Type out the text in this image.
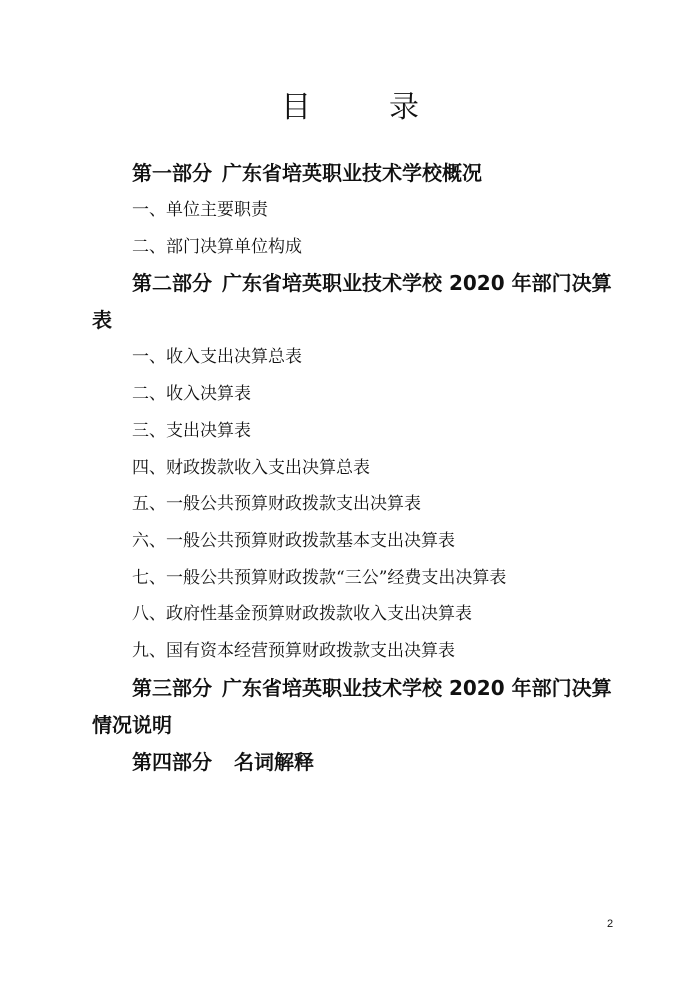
目	录

第一部分 广东省培英职业技术学校概况

一、单位主要职责

二、部门决算单位构成

第二部分 广东省培英职业技术学校 2020 年部门决算表

一、收入支出决算总表

二、收入决算表

三、支出决算表

四、财政拨款收入支出决算总表

五、一般公共预算财政拨款支出决算表

六、一般公共预算财政拨款基本支出决算表

七、一般公共预算财政拨款“三公”经费支出决算表

八、政府性基金预算财政拨款收入支出决算表

九、国有资本经营预算财政拨款支出决算表

第三部分 广东省培英职业技术学校 2020 年部门决算情况说明

第四部分 名词解释

2
